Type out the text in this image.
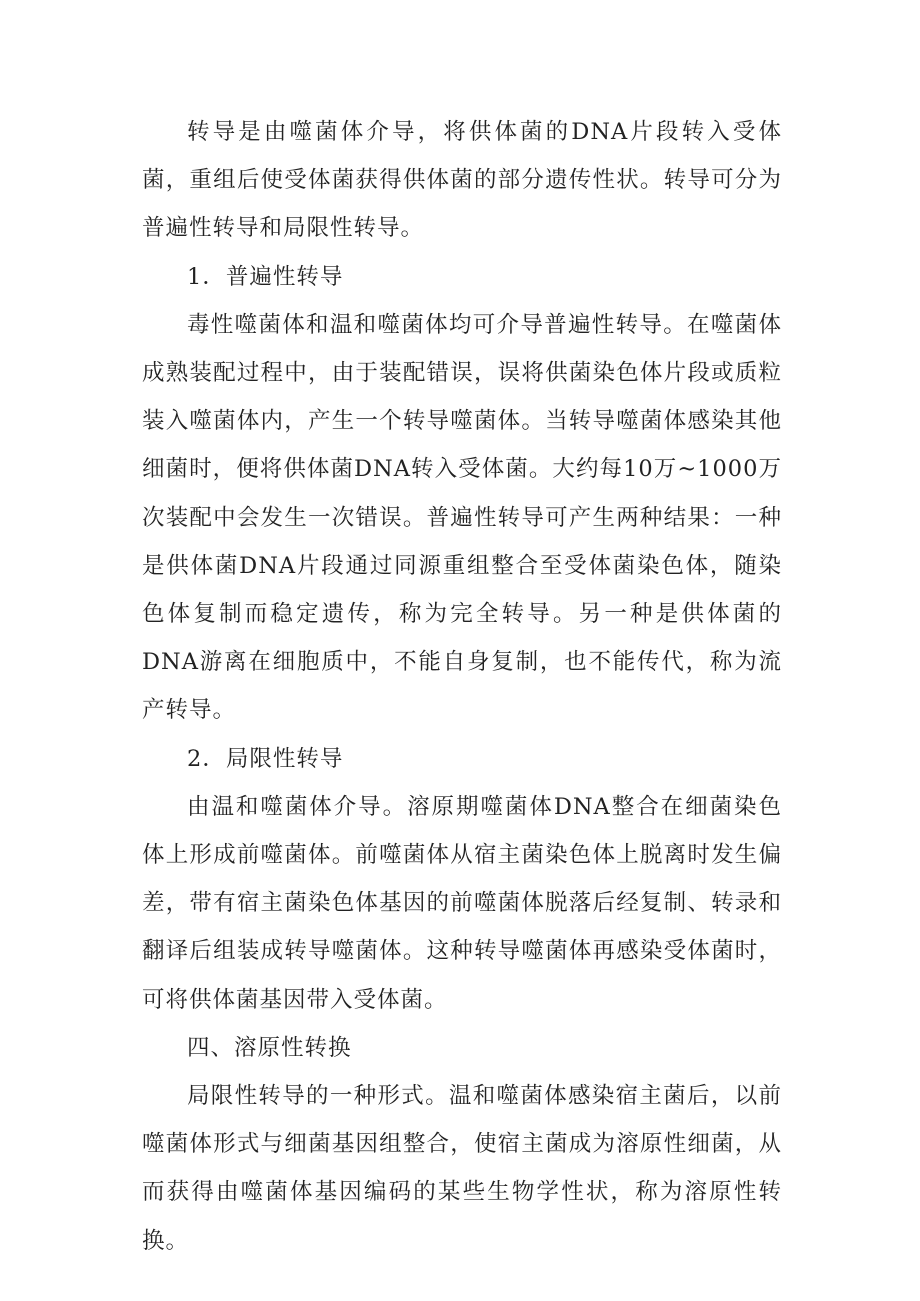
转导是由噬菌体介导，将供体菌的DNA片段转入受体菌，重组后使受体菌获得供体菌的部分遗传性状。转导可分为普遍性转导和局限性转导。

1．普遍性转导

毒性噬菌体和温和噬菌体均可介导普遍性转导。在噬菌体成熟装配过程中，由于装配错误，误将供菌染色体片段或质粒装入噬菌体内，产生一个转导噬菌体。当转导噬菌体感染其他细菌时，便将供体菌DNA转入受体菌。大约每10万~1000万次装配中会发生一次错误。普遍性转导可产生两种结果：一种是供体菌DNA片段通过同源重组整合至受体菌染色体，随染色体复制而稳定遗传，称为完全转导。另一种是供体菌的DNA游离在细胞质中，不能自身复制，也不能传代，称为流产转导。

2．局限性转导

由温和噬菌体介导。溶原期噬菌体DNA整合在细菌染色体上形成前噬菌体。前噬菌体从宿主菌染色体上脱离时发生偏差，带有宿主菌染色体基因的前噬菌体脱落后经复制、转录和翻译后组装成转导噬菌体。这种转导噬菌体再感染受体菌时，可将供体菌基因带入受体菌。

四、溶原性转换

局限性转导的一种形式。温和噬菌体感染宿主菌后，以前噬菌体形式与细菌基因组整合，使宿主菌成为溶原性细菌，从而获得由噬菌体基因编码的某些生物学性状，称为溶原性转换。
